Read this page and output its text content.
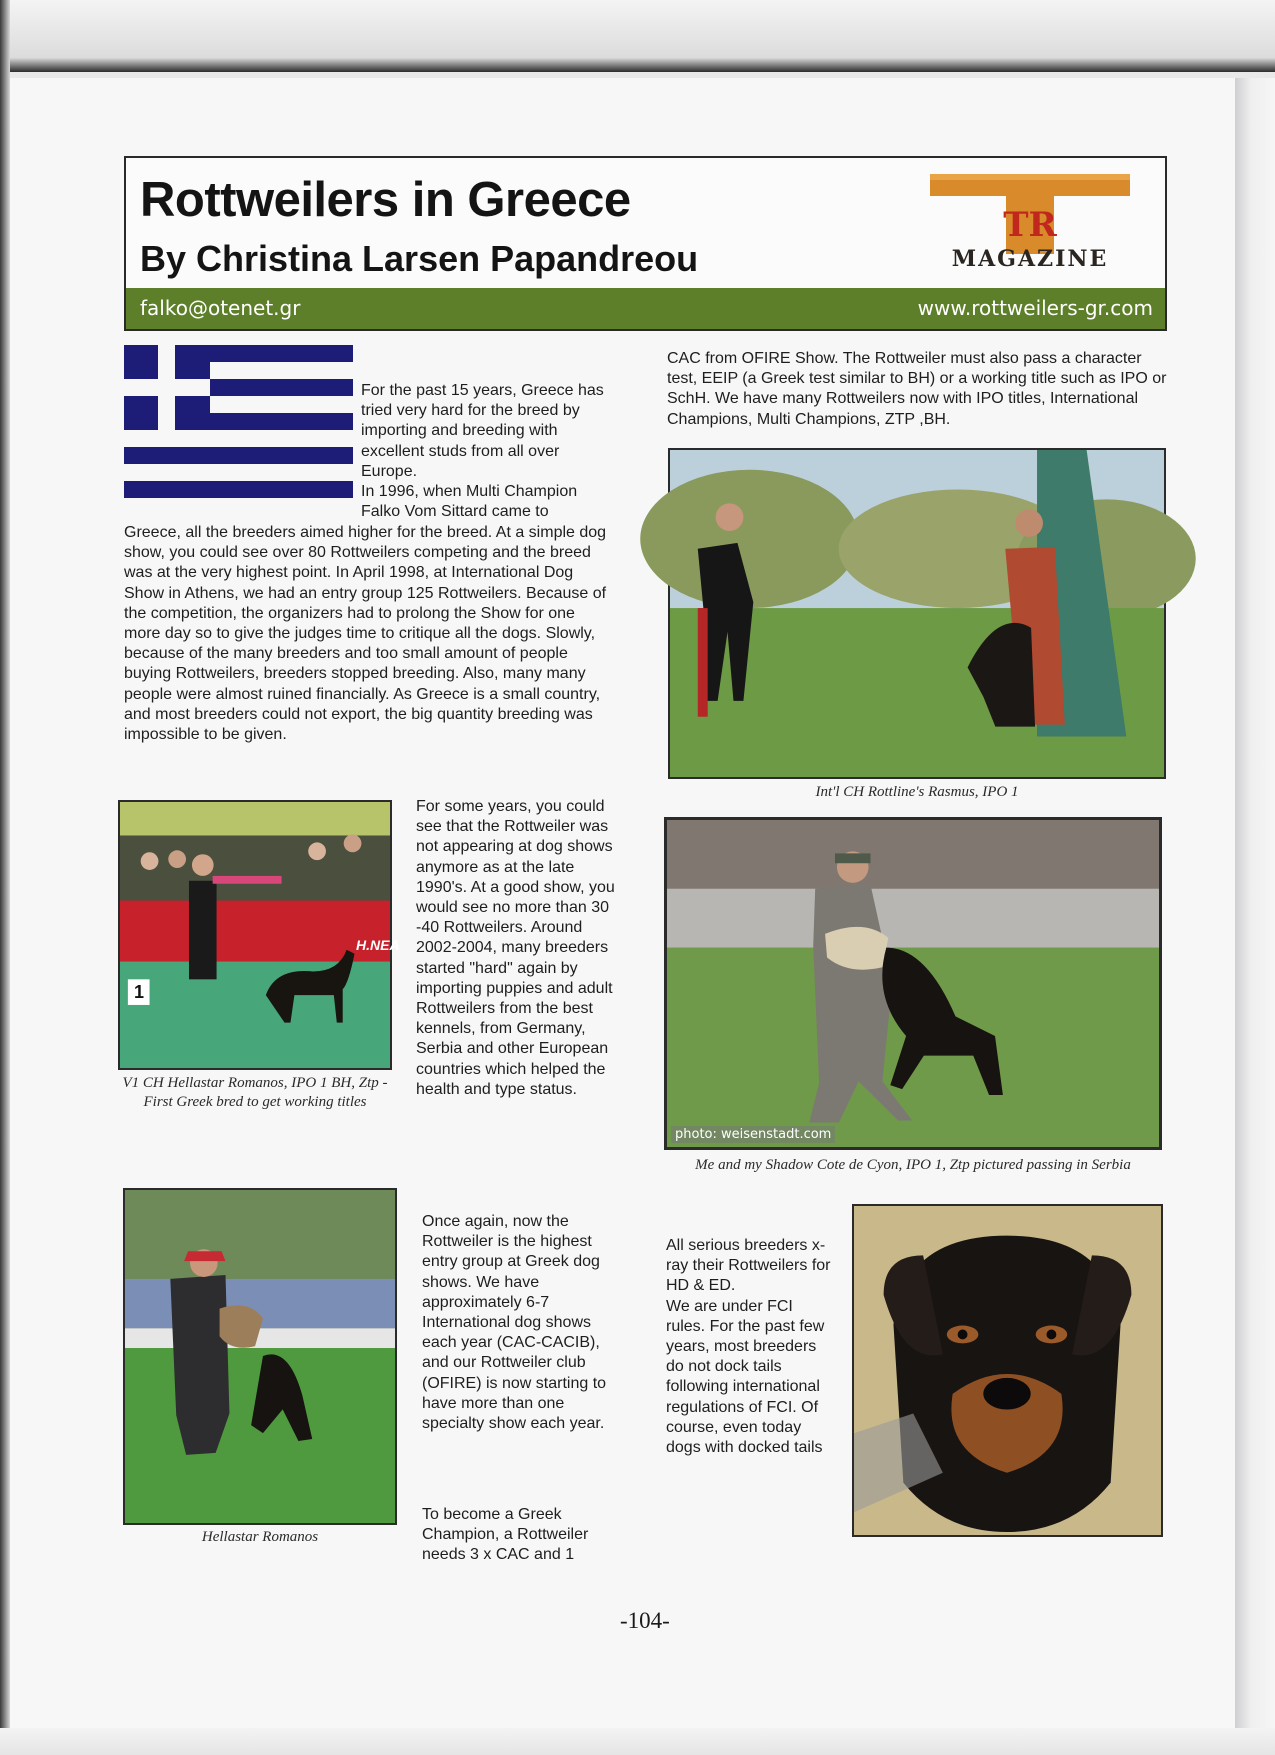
Rottweilers in Greece
By Christina Larsen Papandreou
TR
MAGAZINE
falko@otenet.gr	www.rottweilers-gr.com

For the past 15 years, Greece has tried very hard for the breed by importing and breeding with excellent studs from all over Europe.

In 1996, when Multi Champion Falko Vom Sittard came to

Greece, all the breeders aimed higher for the breed. At a simple dog show, you could see over 80 Rottweilers competing and the breed was at the very highest point. In April 1998, at International Dog Show in Athens, we had an entry group 125 Rottweilers. Because of the competition, the organizers had to prolong the Show for one more day so to give the judges time to critique all the dogs. Slowly, because of the many breeders and too small amount of people buying Rottweilers, breeders stopped breeding. Also, many many people were almost ruined financially. As Greece is a small country, and most breeders could not export, the big quantity breeding was impossible to be given.
H.NEA
1
V1 CH Hellastar Romanos, IPO 1 BH, Ztp - First Greek bred to get working titles
Hellastar Romanos
For some years, you could see that the Rottweiler was not appearing at dog shows anymore as at the late 1990's. At a good show, you would see no more than 30 -40 Rottweilers. Around 2002-2004, many breeders started "hard" again by importing puppies and adult Rottweilers from the best kennels, from Germany, Serbia and other European countries which helped the health and type status.
Once again, now the Rottweiler is the highest entry group at Greek dog shows. We have approximately 6-7 International dog shows each year (CAC-CACIB), and our Rottweiler club (OFIRE) is now starting to have more than one specialty show each year.
To become a Greek Champion, a Rottweiler needs 3 x CAC and 1
CAC from OFIRE Show. The Rottweiler must also pass a character test, EEIP (a Greek test similar to BH) or a working title such as IPO or SchH. We have many Rottweilers now with IPO titles, International Champions, Multi Champions, ZTP ,BH.
Int'l CH Rottline's Rasmus, IPO 1
photo: weisenstadt.com
Me and my Shadow Cote de Cyon, IPO 1, Ztp pictured passing in Serbia

All serious breeders x-ray their Rottweilers for HD & ED.

We are under FCI rules. For the past few years, most breeders do not dock tails following international regulations of FCI. Of course, even today dogs with docked tails

-104-
